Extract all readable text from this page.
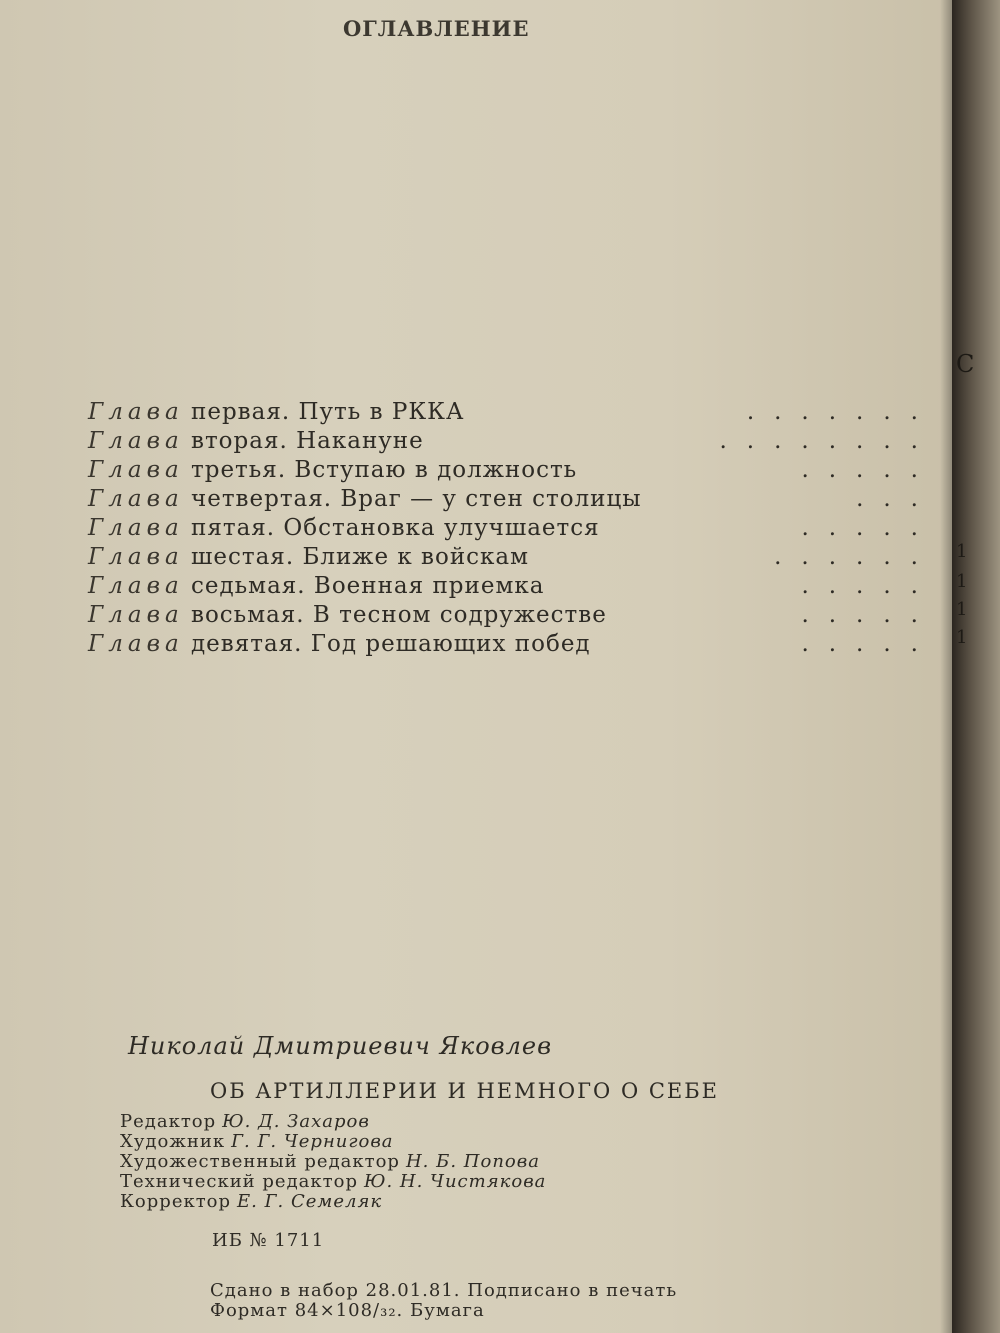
ОГЛАВЛЕНИЕ
Глава первая. Путь в РККА	.......
Глава вторая. Накануне	........
Глава третья. Вступаю в должность	.....
Глава четвертая. Враг — у стен столицы	...
Глава пятая. Обстановка улучшается	.....
Глава шестая. Ближе к войскам	......
Глава седьмая. Военная приемка	.....
Глава восьмая. В тесном содружестве	.....
Глава девятая. Год решающих побед	.....
Николай Дмитриевич Яковлев
ОБ АРТИЛЛЕРИИ И НЕМНОГО О СЕБЕ
Редактор Ю. Д. Захаров
Художник Г. Г. Чернигова
Художественный редактор Н. Б. Попова
Технический редактор Ю. Н. Чистякова
Корректор Е. Г. Семеляк
ИБ № 1711
Сдано в набор 28.01.81. Подписано в печать
Формат 84×108/₃₂. Бумага
С
1
1
1
1
